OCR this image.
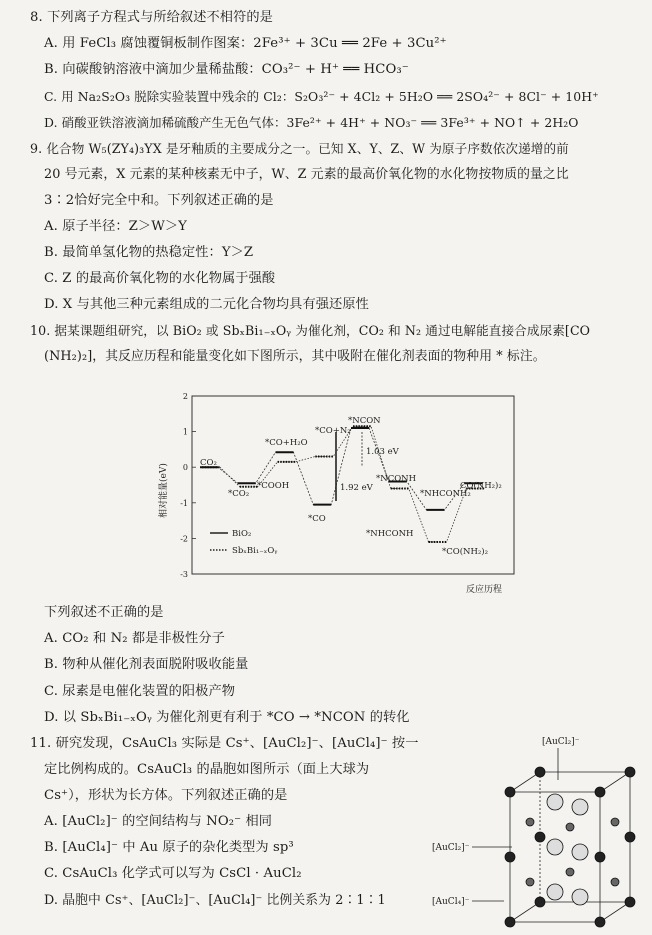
8. 下列离子方程式与所给叙述不相符的是
A. 用 FeCl₃ 腐蚀覆铜板制作图案：2Fe³⁺ + 3Cu ══ 2Fe + 3Cu²⁺
B. 向碳酸钠溶液中滴加少量稀盐酸：CO₃²⁻ + H⁺ ══ HCO₃⁻
C. 用 Na₂S₂O₃ 脱除实验装置中残余的 Cl₂：S₂O₃²⁻ + 4Cl₂ + 5H₂O ══ 2SO₄²⁻ + 8Cl⁻ + 10H⁺
D. 硝酸亚铁溶液滴加稀硫酸产生无色气体：3Fe²⁺ + 4H⁺ + NO₃⁻ ══ 3Fe³⁺ + NO↑ + 2H₂O
9. 化合物 W₅(ZY₄)₃YX 是牙釉质的主要成分之一。已知 X、Y、Z、W 为原子序数依次递增的前
20 号元素，X 元素的某种核素无中子，W、Z 元素的最高价氧化物的水化物按物质的量之比
3∶2恰好完全中和。下列叙述正确的是
A. 原子半径：Z＞W＞Y
B. 最简单氢化物的热稳定性：Y＞Z
C. Z 的最高价氧化物的水化物属于强酸
D. X 与其他三种元素组成的二元化合物均具有强还原性
10. 据某课题组研究，以 BiO₂ 或 SbₓBi₁₋ₓOᵧ 为催化剂，CO₂ 和 N₂ 通过电解能直接合成尿素[CO
(NH₂)₂]，其反应历程和能量变化如下图所示，其中吸附在催化剂表面的物种用 * 标注。
2
1
0
-1
-2
-3
相对能量(eV)
CO₂
*CO₂
*COOH
*CO+H₂O
*CO+N₂
*NCON
*CO
*NCONH
*NHCONH₂
*NHCONH
*CO(NH₂)₂
CO(NH₂)₂
1.03 eV
1.92 eV
BiO₂
SbₓBi₁₋ₓOᵧ
反应历程
下列叙述不正确的是
A. CO₂ 和 N₂ 都是非极性分子
B. 物种从催化剂表面脱附吸收能量
C. 尿素是电催化装置的阳极产物
D. 以 SbₓBi₁₋ₓOᵧ 为催化剂更有利于 *CO → *NCON 的转化
11. 研究发现，CsAuCl₃ 实际是 Cs⁺、[AuCl₂]⁻、[AuCl₄]⁻ 按一
定比例构成的。CsAuCl₃ 的晶胞如图所示（面上大球为
Cs⁺），形状为长方体。下列叙述正确的是
A. [AuCl₂]⁻ 的空间结构与 NO₂⁻ 相同
B. [AuCl₄]⁻ 中 Au 原子的杂化类型为 sp³
C. CsAuCl₃ 化学式可以写为 CsCl · AuCl₂
D. 晶胞中 Cs⁺、[AuCl₂]⁻、[AuCl₄]⁻ 比例关系为 2∶1∶1
[AuCl₂]⁻
[AuCl₂]⁻
[AuCl₄]⁻
